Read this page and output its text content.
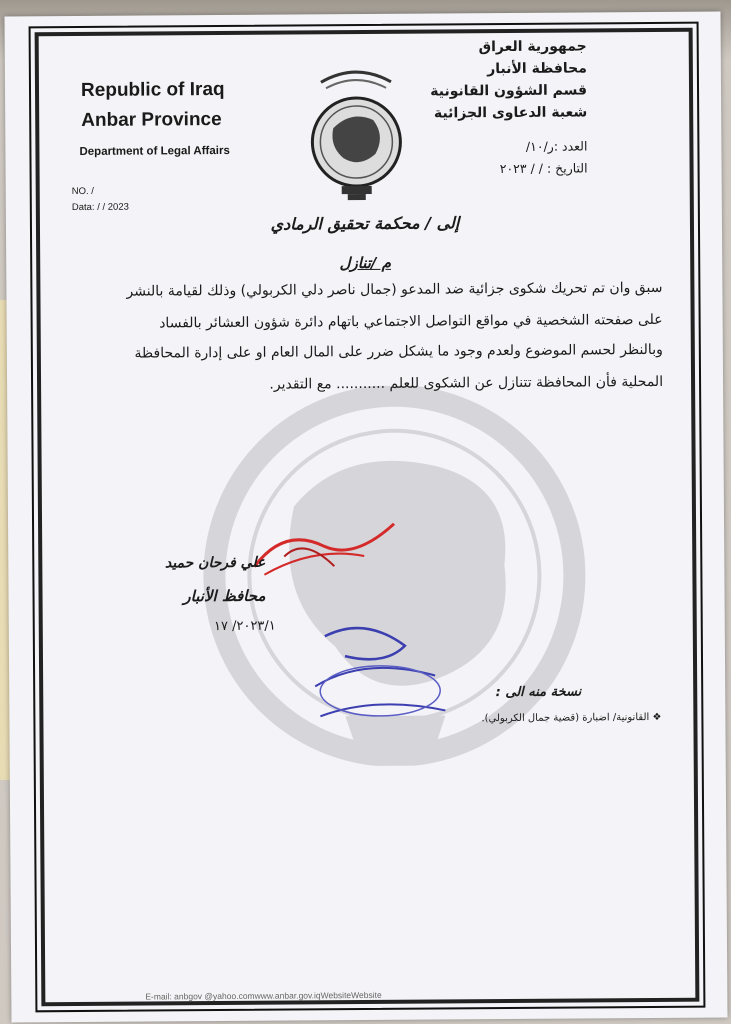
Republic of Iraq
Anbar Province
Department of Legal Affairs
NO. /
Data: / / 2023
جمهورية العراق
محافظة الأنبار
قسم الشؤون القانونية
شعبة الدعاوى الجزائية
العدد :ر/١٠/
التاريخ : / / ٢٠٢٣
إلى / محكمة تحقيق الرمادي
م /تنازل
سبق وان تم تحريك شكوى جزائية ضد المدعو (جمال ناصر دلي الكربولي) وذلك لقيامة بالنشر
على صفحته الشخصية في مواقع التواصل الاجتماعي باتهام دائرة شؤون العشائر بالفساد
وبالنظر لحسم الموضوع ولعدم وجود ما يشكل ضرر على المال العام او على إدارة المحافظة
المحلية فأن المحافظة تتنازل عن الشكوى للعلم ........... مع التقدير.
علي فرحان حميد
محافظ الأنبار
٢٠٢٣/١/ ١٧
نسخة منه الى :
❖ القانونية/ اضبارة (قضية جمال الكربولي).
E-mail: anbgov @yahoo.comwww.anbar.gov.iqWebsiteWebsite
